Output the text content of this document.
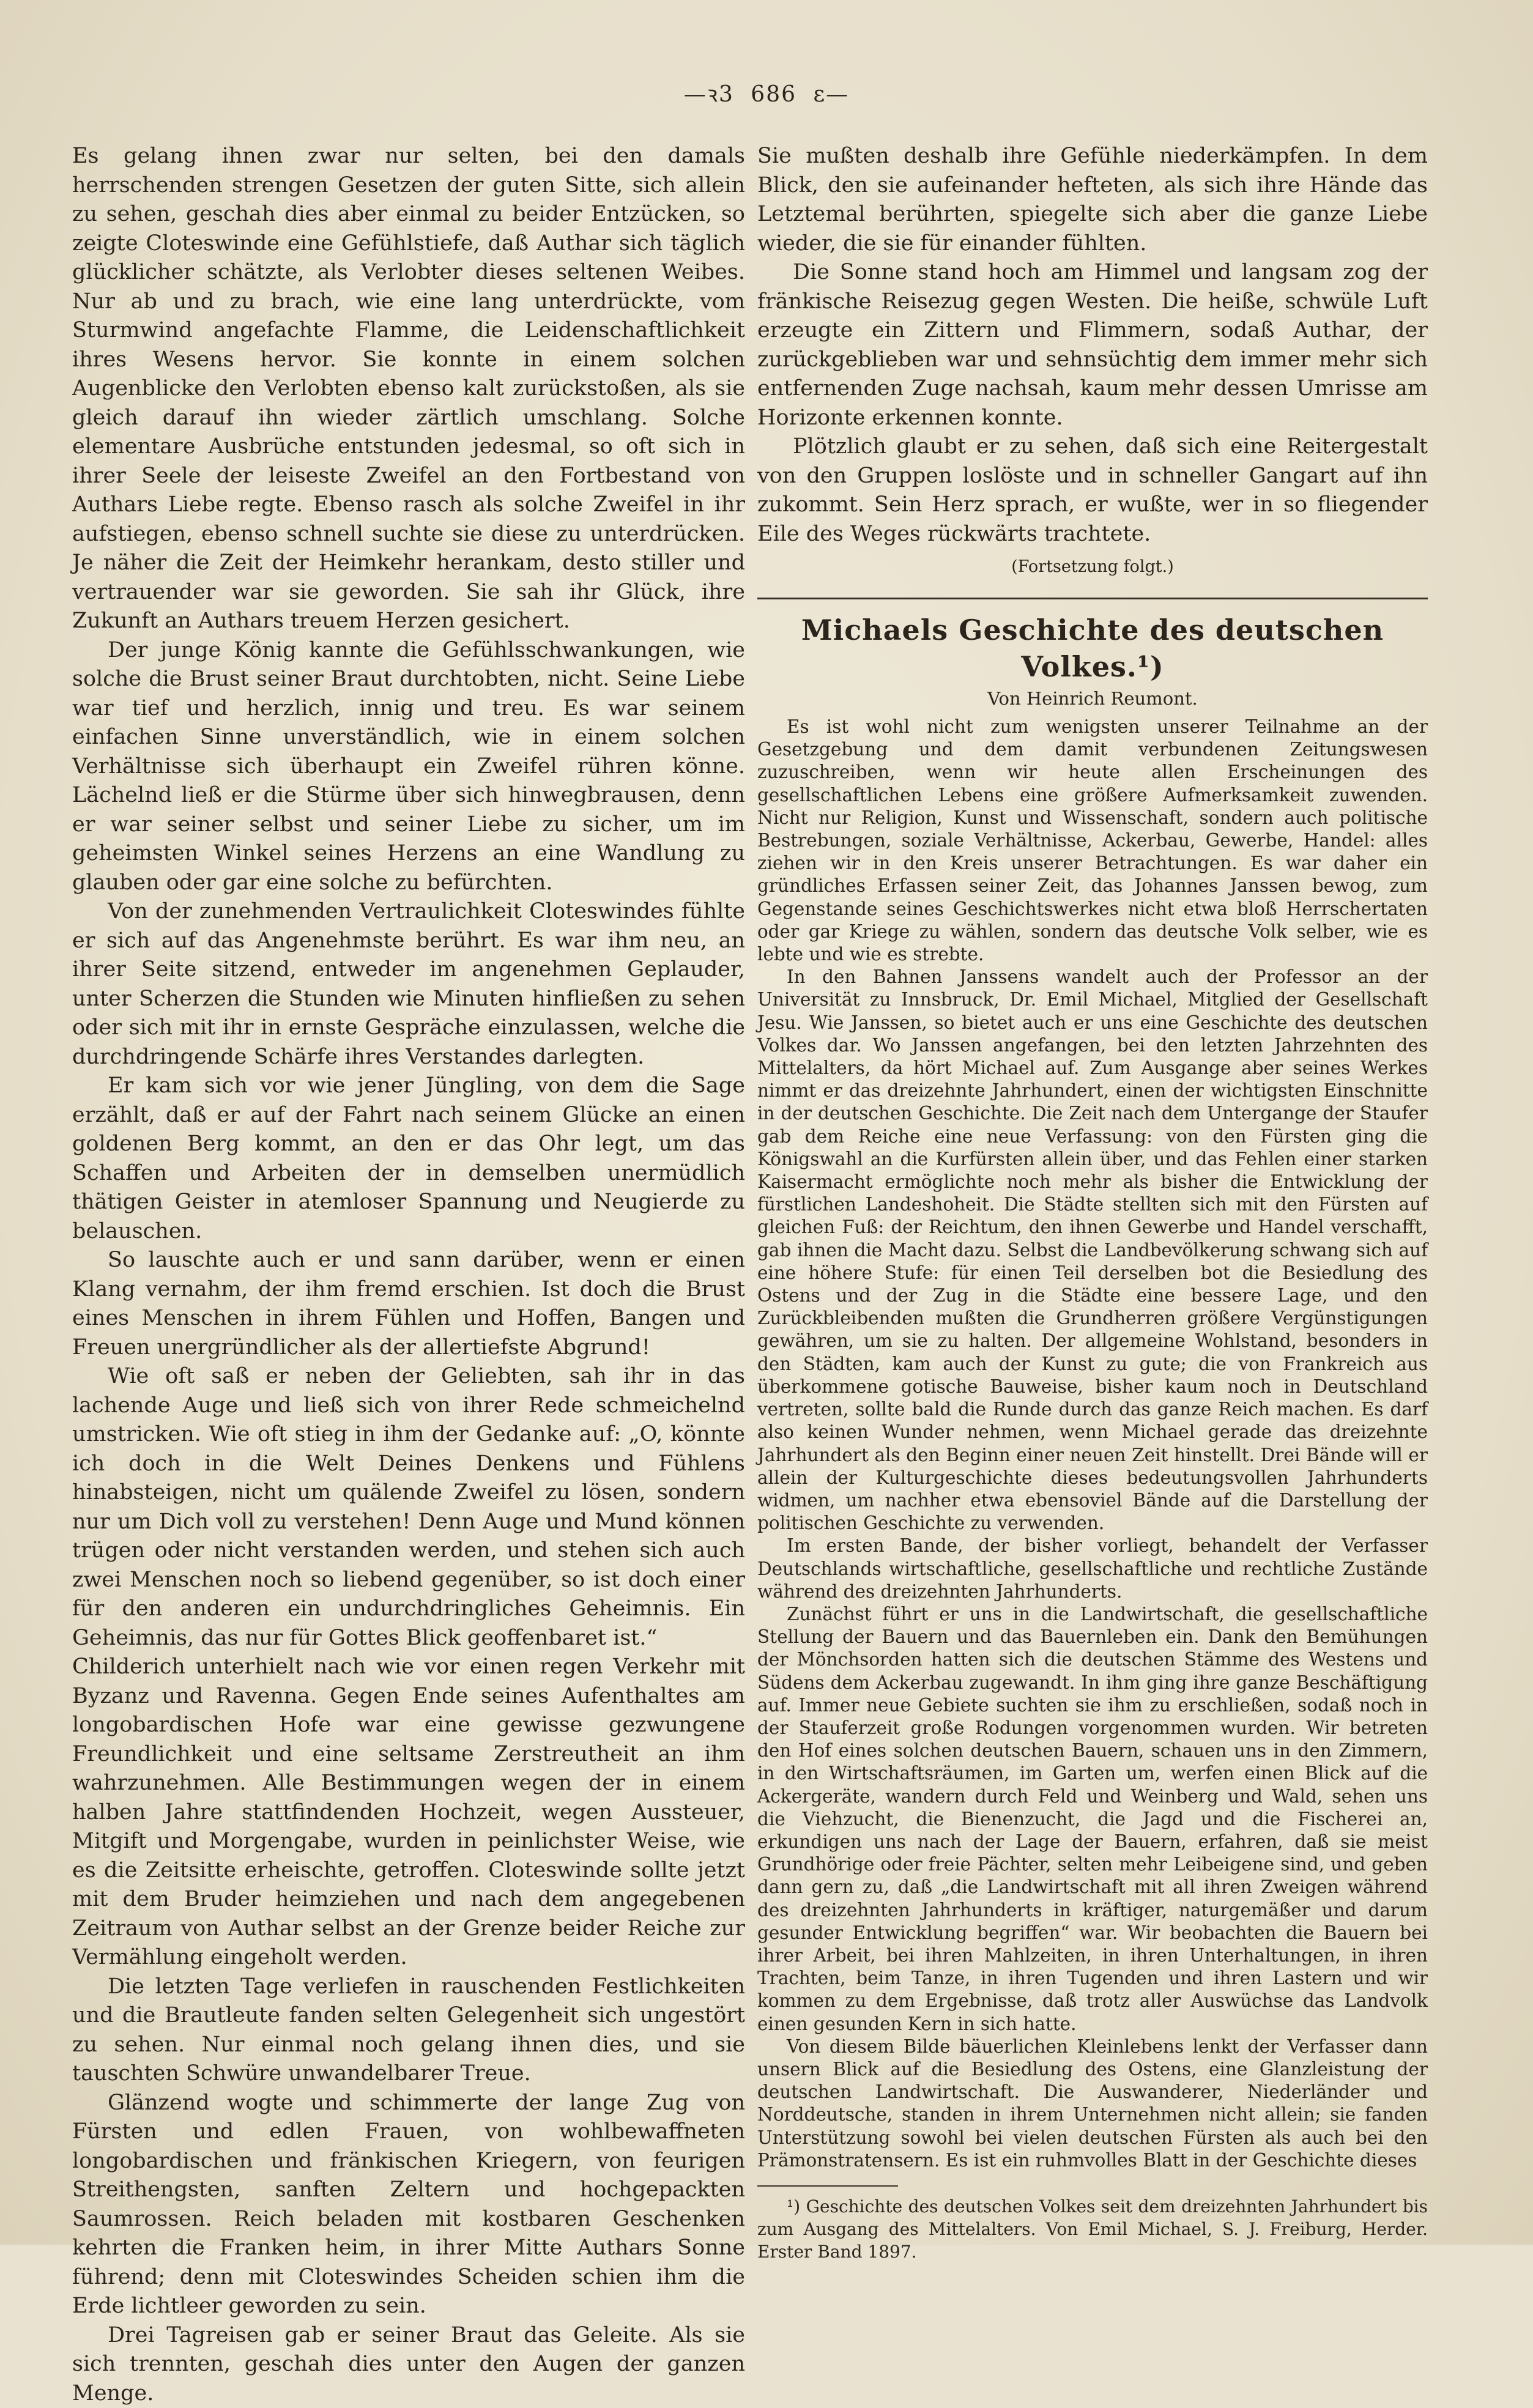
—ꝛ3 686 ε—

Es gelang ihnen zwar nur selten, bei den damals herrschenden strengen Gesetzen der guten Sitte, sich allein zu sehen, geschah dies aber einmal zu beider Entzücken, so zeigte Cloteswinde eine Gefühlstiefe, daß Authar sich täglich glücklicher schätzte, als Verlobter dieses seltenen Weibes. Nur ab und zu brach, wie eine lang unterdrückte, vom Sturmwind angefachte Flamme, die Leidenschaftlichkeit ihres Wesens hervor. Sie konnte in einem solchen Augenblicke den Verlobten ebenso kalt zurückstoßen, als sie gleich darauf ihn wieder zärtlich umschlang. Solche elementare Ausbrüche entstunden jedesmal, so oft sich in ihrer Seele der leiseste Zweifel an den Fortbestand von Authars Liebe regte. Ebenso rasch als solche Zweifel in ihr aufstiegen, ebenso schnell suchte sie diese zu unterdrücken. Je näher die Zeit der Heimkehr herankam, desto stiller und vertrauender war sie geworden. Sie sah ihr Glück, ihre Zukunft an Authars treuem Herzen gesichert.

Der junge König kannte die Gefühlsschwankungen, wie solche die Brust seiner Braut durchtobten, nicht. Seine Liebe war tief und herzlich, innig und treu. Es war seinem einfachen Sinne unverständlich, wie in einem solchen Verhältnisse sich überhaupt ein Zweifel rühren könne. Lächelnd ließ er die Stürme über sich hinwegbrausen, denn er war seiner selbst und seiner Liebe zu sicher, um im geheimsten Winkel seines Herzens an eine Wandlung zu glauben oder gar eine solche zu befürchten.

Von der zunehmenden Vertraulichkeit Cloteswindes fühlte er sich auf das Angenehmste berührt. Es war ihm neu, an ihrer Seite sitzend, entweder im angenehmen Geplauder, unter Scherzen die Stunden wie Minuten hinfließen zu sehen oder sich mit ihr in ernste Gespräche einzulassen, welche die durchdringende Schärfe ihres Verstandes darlegten.

Er kam sich vor wie jener Jüngling, von dem die Sage erzählt, daß er auf der Fahrt nach seinem Glücke an einen goldenen Berg kommt, an den er das Ohr legt, um das Schaffen und Arbeiten der in demselben unermüdlich thätigen Geister in atemloser Spannung und Neugierde zu belauschen.

So lauschte auch er und sann darüber, wenn er einen Klang vernahm, der ihm fremd erschien. Ist doch die Brust eines Menschen in ihrem Fühlen und Hoffen, Bangen und Freuen unergründlicher als der allertiefste Abgrund!

Wie oft saß er neben der Geliebten, sah ihr in das lachende Auge und ließ sich von ihrer Rede schmeichelnd umstricken. Wie oft stieg in ihm der Gedanke auf: „O, könnte ich doch in die Welt Deines Denkens und Fühlens hinabsteigen, nicht um quälende Zweifel zu lösen, sondern nur um Dich voll zu verstehen! Denn Auge und Mund können trügen oder nicht verstanden werden, und stehen sich auch zwei Menschen noch so liebend gegenüber, so ist doch einer für den anderen ein undurchdringliches Geheimnis. Ein Geheimnis, das nur für Gottes Blick geoffenbaret ist.“

Childerich unterhielt nach wie vor einen regen Verkehr mit Byzanz und Ravenna. Gegen Ende seines Aufenthaltes am longobardischen Hofe war eine gewisse gezwungene Freundlichkeit und eine seltsame Zerstreutheit an ihm wahrzunehmen. Alle Bestimmungen wegen der in einem halben Jahre stattfindenden Hochzeit, wegen Aussteuer, Mitgift und Morgengabe, wurden in peinlichster Weise, wie es die Zeitsitte erheischte, getroffen. Cloteswinde sollte jetzt mit dem Bruder heimziehen und nach dem angegebenen Zeitraum von Authar selbst an der Grenze beider Reiche zur Vermählung eingeholt werden.

Die letzten Tage verliefen in rauschenden Festlichkeiten und die Brautleute fanden selten Gelegenheit sich ungestört zu sehen. Nur einmal noch gelang ihnen dies, und sie tauschten Schwüre unwandelbarer Treue.

Glänzend wogte und schimmerte der lange Zug von Fürsten und edlen Frauen, von wohlbewaffneten longobardischen und fränkischen Kriegern, von feurigen Streithengsten, sanften Zeltern und hochgepackten Saumrossen. Reich beladen mit kostbaren Geschenken kehrten die Franken heim, in ihrer Mitte Authars Sonne führend; denn mit Cloteswindes Scheiden schien ihm die Erde lichtleer geworden zu sein.

Drei Tagreisen gab er seiner Braut das Geleite. Als sie sich trennten, geschah dies unter den Augen der ganzen Menge.

Sie mußten deshalb ihre Gefühle niederkämpfen. In dem Blick, den sie aufeinander hefteten, als sich ihre Hände das Letztemal berührten, spiegelte sich aber die ganze Liebe wieder, die sie für einander fühlten.

Die Sonne stand hoch am Himmel und langsam zog der fränkische Reisezug gegen Westen. Die heiße, schwüle Luft erzeugte ein Zittern und Flimmern, sodaß Authar, der zurückgeblieben war und sehnsüchtig dem immer mehr sich entfernenden Zuge nachsah, kaum mehr dessen Umrisse am Horizonte erkennen konnte.

Plötzlich glaubt er zu sehen, daß sich eine Reitergestalt von den Gruppen loslöste und in schneller Gangart auf ihn zukommt. Sein Herz sprach, er wußte, wer in so fliegender Eile des Weges rückwärts trachtete.

(Fortsetzung folgt.)
Michaels Geschichte des deutschen Volkes.¹)
Von Heinrich Reumont.

Es ist wohl nicht zum wenigsten unserer Teilnahme an der Gesetzgebung und dem damit verbundenen Zeitungswesen zuzuschreiben, wenn wir heute allen Erscheinungen des gesellschaftlichen Lebens eine größere Aufmerksamkeit zuwenden. Nicht nur Religion, Kunst und Wissenschaft, sondern auch politische Bestrebungen, soziale Verhältnisse, Ackerbau, Gewerbe, Handel: alles ziehen wir in den Kreis unserer Betrachtungen. Es war daher ein gründliches Erfassen seiner Zeit, das Johannes Janssen bewog, zum Gegenstande seines Geschichtswerkes nicht etwa bloß Herrschertaten oder gar Kriege zu wählen, sondern das deutsche Volk selber, wie es lebte und wie es strebte.

In den Bahnen Janssens wandelt auch der Professor an der Universität zu Innsbruck, Dr. Emil Michael, Mitglied der Gesellschaft Jesu. Wie Janssen, so bietet auch er uns eine Geschichte des deutschen Volkes dar. Wo Janssen angefangen, bei den letzten Jahrzehnten des Mittelalters, da hört Michael auf. Zum Ausgange aber seines Werkes nimmt er das dreizehnte Jahrhundert, einen der wichtigsten Einschnitte in der deutschen Geschichte. Die Zeit nach dem Untergange der Staufer gab dem Reiche eine neue Verfassung: von den Fürsten ging die Königswahl an die Kurfürsten allein über, und das Fehlen einer starken Kaisermacht ermöglichte noch mehr als bisher die Entwicklung der fürstlichen Landeshoheit. Die Städte stellten sich mit den Fürsten auf gleichen Fuß: der Reichtum, den ihnen Gewerbe und Handel verschafft, gab ihnen die Macht dazu. Selbst die Landbevölkerung schwang sich auf eine höhere Stufe: für einen Teil derselben bot die Besiedlung des Ostens und der Zug in die Städte eine bessere Lage, und den Zurückbleibenden mußten die Grundherren größere Vergünstigungen gewähren, um sie zu halten. Der allgemeine Wohlstand, besonders in den Städten, kam auch der Kunst zu gute; die von Frankreich aus überkommene gotische Bauweise, bisher kaum noch in Deutschland vertreten, sollte bald die Runde durch das ganze Reich machen. Es darf also keinen Wunder nehmen, wenn Michael gerade das dreizehnte Jahrhundert als den Beginn einer neuen Zeit hinstellt. Drei Bände will er allein der Kulturgeschichte dieses bedeutungsvollen Jahrhunderts widmen, um nachher etwa ebensoviel Bände auf die Darstellung der politischen Geschichte zu verwenden.

Im ersten Bande, der bisher vorliegt, behandelt der Verfasser Deutschlands wirtschaftliche, gesellschaftliche und rechtliche Zustände während des dreizehnten Jahrhunderts.

Zunächst führt er uns in die Landwirtschaft, die gesellschaftliche Stellung der Bauern und das Bauernleben ein. Dank den Bemühungen der Mönchsorden hatten sich die deutschen Stämme des Westens und Südens dem Ackerbau zugewandt. In ihm ging ihre ganze Beschäftigung auf. Immer neue Gebiete suchten sie ihm zu erschließen, sodaß noch in der Stauferzeit große Rodungen vorgenommen wurden. Wir betreten den Hof eines solchen deutschen Bauern, schauen uns in den Zimmern, in den Wirtschaftsräumen, im Garten um, werfen einen Blick auf die Ackergeräte, wandern durch Feld und Weinberg und Wald, sehen uns die Viehzucht, die Bienenzucht, die Jagd und die Fischerei an, erkundigen uns nach der Lage der Bauern, erfahren, daß sie meist Grundhörige oder freie Pächter, selten mehr Leibeigene sind, und geben dann gern zu, daß „die Landwirtschaft mit all ihren Zweigen während des dreizehnten Jahrhunderts in kräftiger, naturgemäßer und darum gesunder Entwicklung begriffen“ war. Wir beobachten die Bauern bei ihrer Arbeit, bei ihren Mahlzeiten, in ihren Unterhaltungen, in ihren Trachten, beim Tanze, in ihren Tugenden und ihren Lastern und wir kommen zu dem Ergebnisse, daß trotz aller Auswüchse das Landvolk einen gesunden Kern in sich hatte.

Von diesem Bilde bäuerlichen Kleinlebens lenkt der Verfasser dann unsern Blick auf die Besiedlung des Ostens, eine Glanzleistung der deutschen Landwirtschaft. Die Auswanderer, Niederländer und Norddeutsche, standen in ihrem Unternehmen nicht allein; sie fanden Unterstützung sowohl bei vielen deutschen Fürsten als auch bei den Prämonstratensern. Es ist ein ruhmvolles Blatt in der Geschichte dieses

¹) Geschichte des deutschen Volkes seit dem dreizehnten Jahrhundert bis zum Ausgang des Mittelalters. Von Emil Michael, S. J. Freiburg, Herder. Erster Band 1897.
